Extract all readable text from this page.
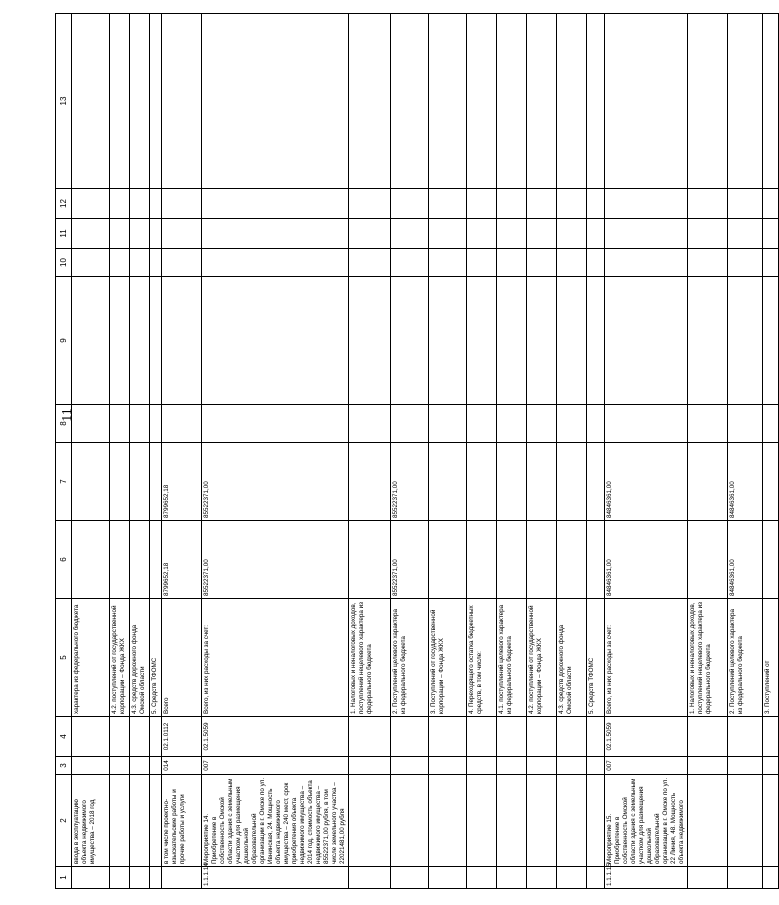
11
1	2	3	4	5	6	7	8	9	10	11	12	13
	ввода в эксплуатацию объекта недвижимого имущества – 2018 год			характера из федерального бюджета								
				4.2. поступлений от государственной корпорации – Фонда ЖКХ								
				4.3. средств дорожного фонда Омской области								
				5. Средств ТФОМС								
	в том числе проектно-изыскательские работы и прочие работы и услуги	014	02.1.0112	Всего	8799652,18	8799652,18						
1.1.1.14	Мероприятие 14. Приобретение в собственность Омской области здания с земельным участком для размещения дошкольной образовательной организации в г. Омске по ул. Ивнинская, 24. Мощность объекта недвижимого имущества – 240 мест, срок приобретения объекта недвижимого имущества – 2014 год, стоимость объекта недвижимого имущества – 85522371,00 рубля, в том числе земельного участка – 22021481,00 рубля	007	02.1.5059	Всего, из них расходы за счет:	85522371,00	85522371,00						
				1. Налоговых и неналоговых доходов, поступлений нецелевого характера из федерального бюджета								
				2. Поступлений целевого характера из федерального бюджета	85522371,00	85522371,00						
				3. Поступлений от государственной корпорации – Фонда ЖКХ								
				4. Переходящего остатка бюджетных средств, в том числе:								
				4.1. поступлений целевого характера из федерального бюджета								
				4.2. поступлений от государственной корпорации – Фонда ЖКХ								
				4.3. средств дорожного фонда Омской области								
				5. Средств ТФОМС								
1.1.1.15	Мероприятие 15. Приобретение в собственность Омской области здания с земельным участком для размещения дошкольной образовательной организации в г. Омске по ул. 22 Линия, 48. Мощность объекта недвижимого	007	02.1.5059	Всего, из них расходы за счет:	84846361,00	84846361,00						
				1. Налоговых и неналоговых доходов, поступлений нецелевого характера из федерального бюджета								
				2. Поступлений целевого характера из федерального бюджета	84846361,00	84846361,00						
				3. Поступлений от								
